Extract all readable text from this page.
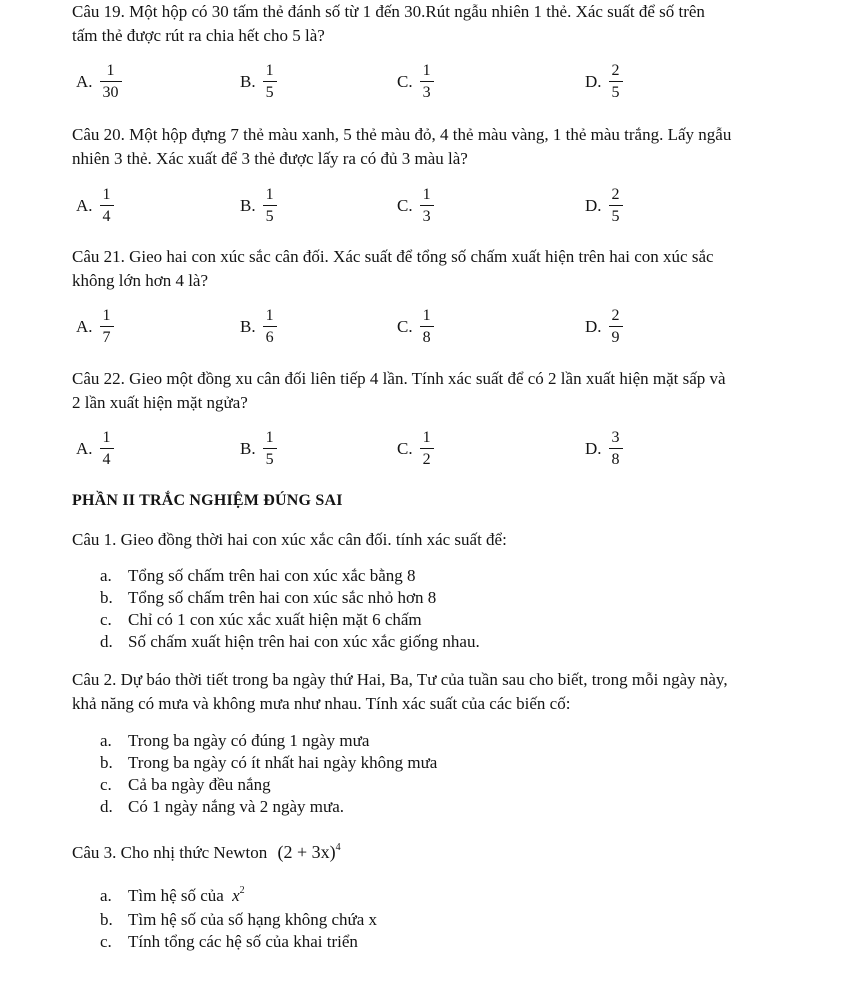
Câu 19. Một hộp có 30 tấm thẻ đánh số từ 1 đến 30.Rút ngẫu nhiên 1 thẻ. Xác suất để số trên
tấm thẻ được rút ra chia hết cho 5 là?
A. $\frac{1}{30}$	B. $\frac{1}{5}$	C. $\frac{1}{3}$	D. $\frac{2}{5}$
Câu 20. Một hộp đựng 7 thẻ màu xanh, 5 thẻ màu đỏ, 4 thẻ màu vàng, 1 thẻ màu trắng. Lấy ngẫu
nhiên 3 thẻ. Xác xuất để 3 thẻ được lấy ra có đủ 3 màu là?
A. $\frac{1}{4}$	B. $\frac{1}{5}$	C. $\frac{1}{3}$	D. $\frac{2}{5}$
Câu 21. Gieo hai con xúc sắc cân đối. Xác suất để tổng số chấm xuất hiện trên hai con xúc sắc
không lớn hơn 4 là?
A. $\frac{1}{7}$	B. $\frac{1}{6}$	C. $\frac{1}{8}$	D. $\frac{2}{9}$
Câu 22. Gieo một đồng xu cân đối liên tiếp 4 lần. Tính xác suất để có 2 lần xuất hiện mặt sấp và
2 lần xuất hiện mặt ngửa?
A. $\frac{1}{4}$	B. $\frac{1}{5}$	C. $\frac{1}{2}$	D. $\frac{3}{8}$
PHẦN II TRẮC NGHIỆM ĐÚNG SAI
Câu 1. Gieo đồng thời hai con xúc xắc cân đối. tính xác suất để:
a. Tổng số chấm trên hai con xúc xắc bằng 8
b. Tổng số chấm trên hai con xúc sắc nhỏ hơn 8
c. Chỉ có 1 con xúc xắc xuất hiện mặt 6 chấm
d. Số chấm xuất hiện trên hai con xúc xắc giống nhau.
Câu 2. Dự báo thời tiết trong ba ngày thứ Hai, Ba, Tư của tuần sau cho biết, trong mỗi ngày này,
khả năng có mưa và không mưa như nhau. Tính xác suất của các biến cố:
a. Trong ba ngày có đúng 1 ngày mưa
b. Trong ba ngày có ít nhất hai ngày không mưa
c. Cả ba ngày đều nắng
d. Có 1 ngày nắng và 2 ngày mưa.
Câu 3. Cho nhị thức Newton $(2 + 3x)^4$
a. Tìm hệ số của $x^2$
b. Tìm hệ số của số hạng không chứa x
c. Tính tổng các hệ số của khai triển
